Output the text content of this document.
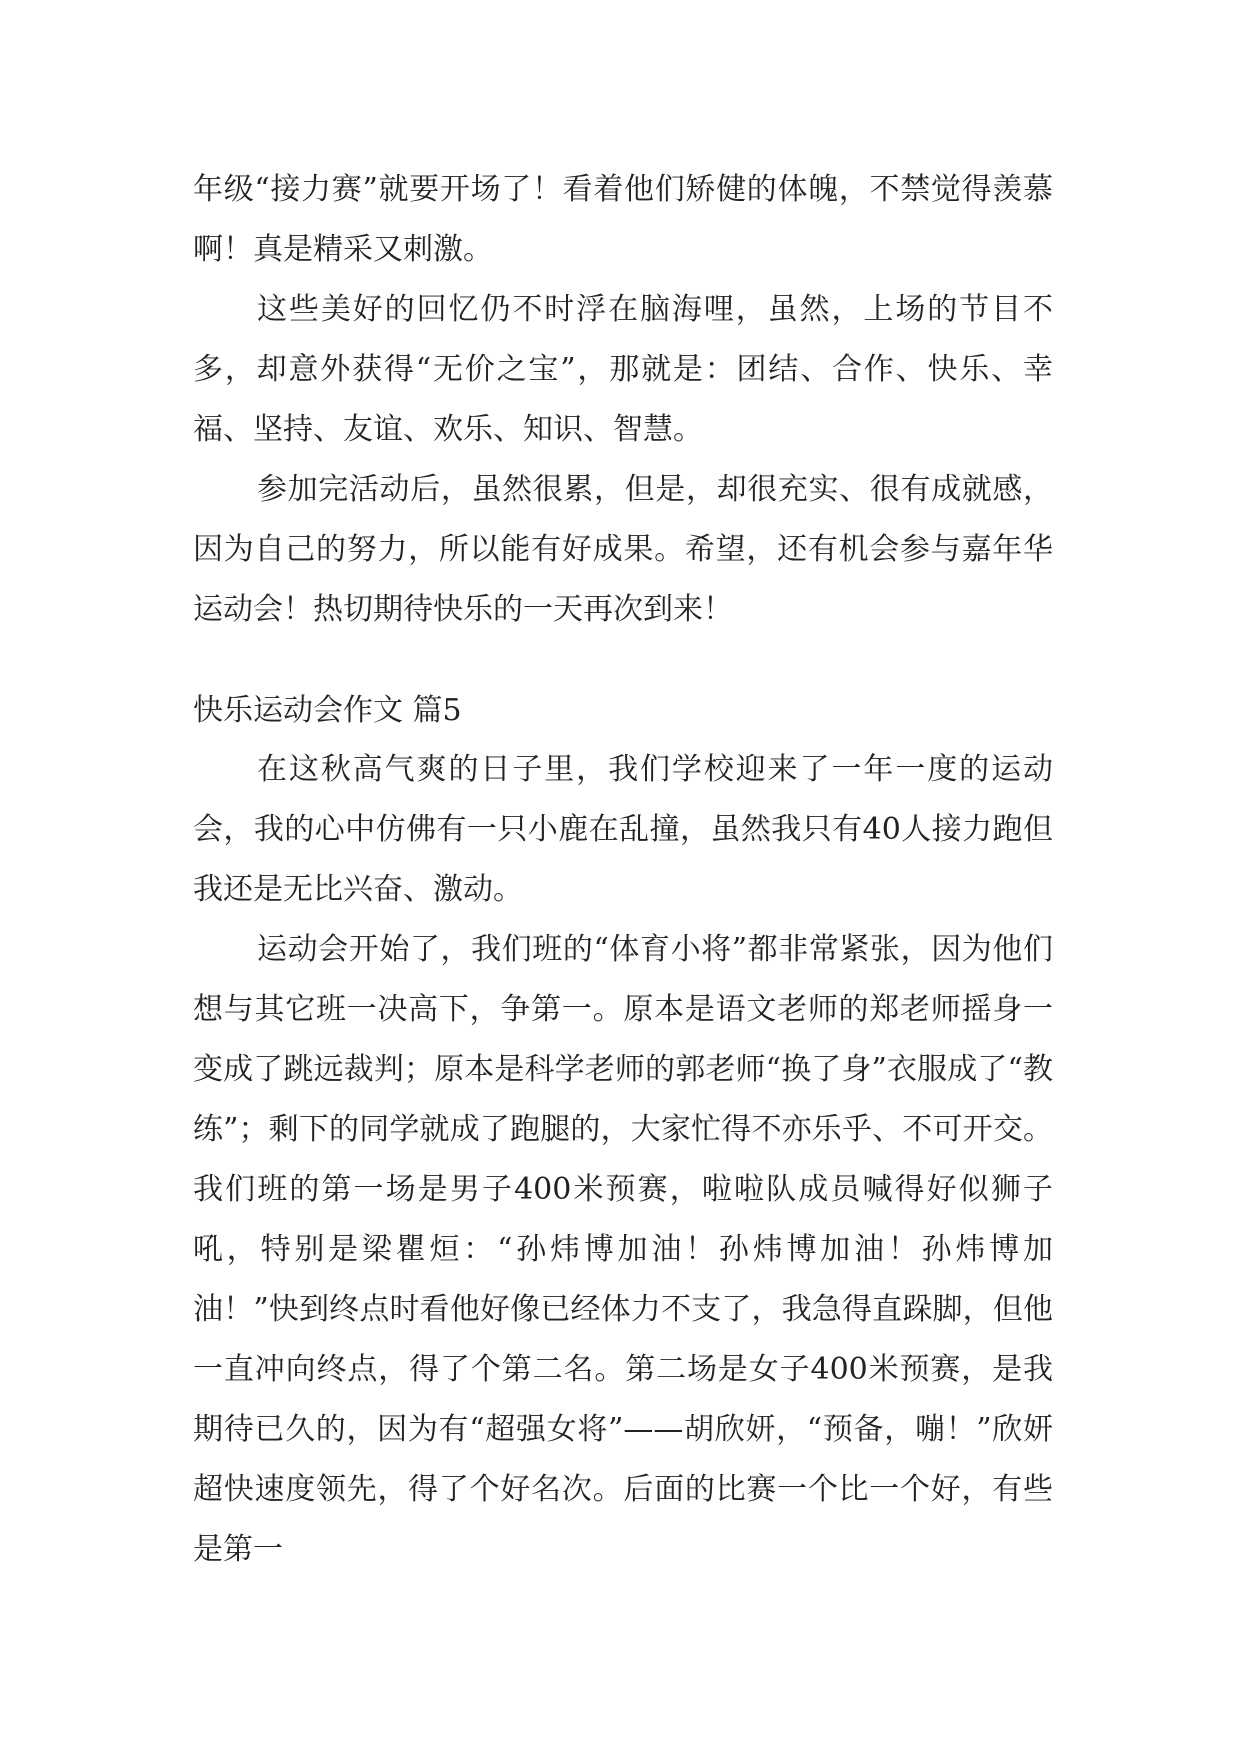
年级“接力赛”就要开场了！看着他们矫健的体魄，不禁觉得羡慕啊！真是精采又刺激。

这些美好的回忆仍不时浮在脑海哩，虽然，上场的节目不多，却意外获得“无价之宝”，那就是：团结、合作、快乐、幸福、坚持、友谊、欢乐、知识、智慧。

参加完活动后，虽然很累，但是，却很充实、很有成就感，因为自己的努力，所以能有好成果。希望，还有机会参与嘉年华运动会！热切期待快乐的一天再次到来！

快乐运动会作文 篇5

在这秋高气爽的日子里，我们学校迎来了一年一度的运动会，我的心中仿佛有一只小鹿在乱撞，虽然我只有40人接力跑但我还是无比兴奋、激动。

运动会开始了，我们班的“体育小将”都非常紧张，因为他们想与其它班一决高下，争第一。原本是语文老师的郑老师摇身一变成了跳远裁判；原本是科学老师的郭老师“换了身”衣服成了“教练”；剩下的同学就成了跑腿的，大家忙得不亦乐乎、不可开交。我们班的第一场是男子400米预赛，啦啦队成员喊得好似狮子吼，特别是梁瞿烜：“孙炜博加油！孙炜博加油！孙炜博加油！”快到终点时看他好像已经体力不支了，我急得直跺脚，但他一直冲向终点，得了个第二名。第二场是女子400米预赛，是我期待已久的，因为有“超强女将”——胡欣妍，“预备，嘣！”欣妍超快速度领先，得了个好名次。后面的比赛一个比一个好，有些是第一
